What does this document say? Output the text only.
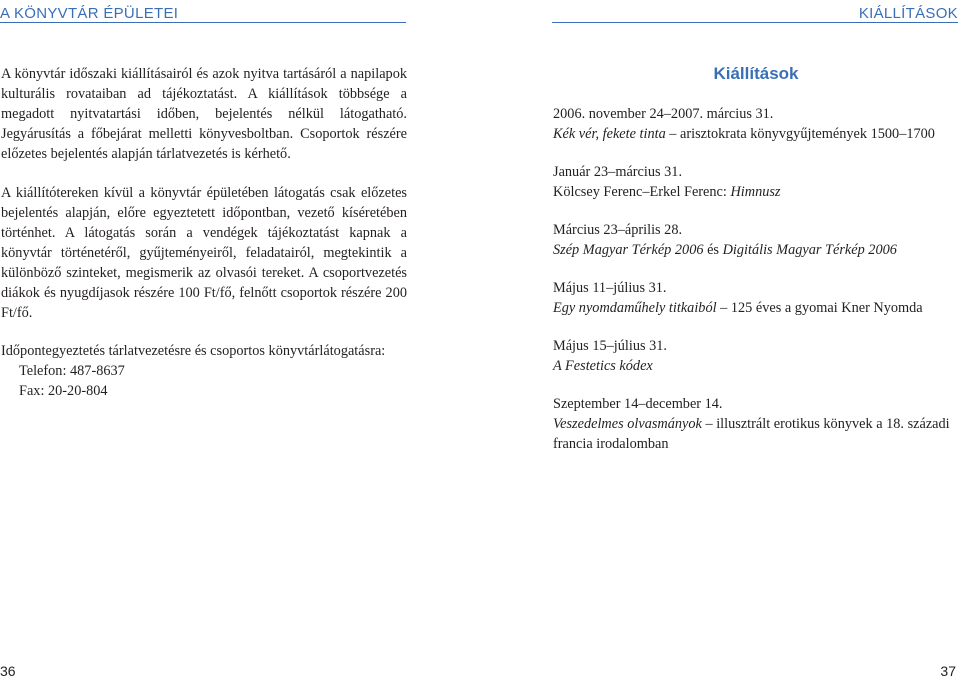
A KÖNYVTÁR ÉPÜLETEI	KIÁLLÍTÁSOK

A könyvtár időszaki kiállításairól és azok nyitva tartásáról a napilapok kulturális rovataiban ad tájékoztatást. A kiállítások többsége a megadott nyitvatartási időben, bejelentés nélkül látogatható. Jegyárusítás a főbejárat melletti könyvesboltban. Csoportok részére előzetes bejelentés alapján tárlatvezetés is kérhető.

A kiállítótereken kívül a könyvtár épületében látogatás csak előzetes bejelentés alapján, előre egyeztetett időpontban, vezető kíséretében történhet. A látogatás során a vendégek tájékoztatást kapnak a könyvtár történetéről, gyűjteményeiről, feladatairól, megtekintik a különböző szinteket, megismerik az olvasói tereket. A csoportvezetés diákok és nyugdíjasok részére 100 Ft/fő, felnőtt csoportok részére 200 Ft/fő.

Időpontegyeztetés tárlatvezetésre és csoportos könyvtárlátogatásra:
Telefon: 487-8637
Fax: 20-20-804
Kiállítások
2006. november 24–2007. március 31.
Kék vér, fekete tinta – arisztokrata könyvgyűjtemények 1500–1700
Január 23–március 31.
Kölcsey Ferenc–Erkel Ferenc: Himnusz
Március 23–április 28.
Szép Magyar Térkép 2006 és Digitális Magyar Térkép 2006
Május 11–július 31.
Egy nyomdaműhely titkaiból – 125 éves a gyomai Kner Nyomda
Május 15–július 31.
A Festetics kódex
Szeptember 14–december 14.
Veszedelmes olvasmányok – illusztrált erotikus könyvek a 18. századi francia irodalomban
36	37
